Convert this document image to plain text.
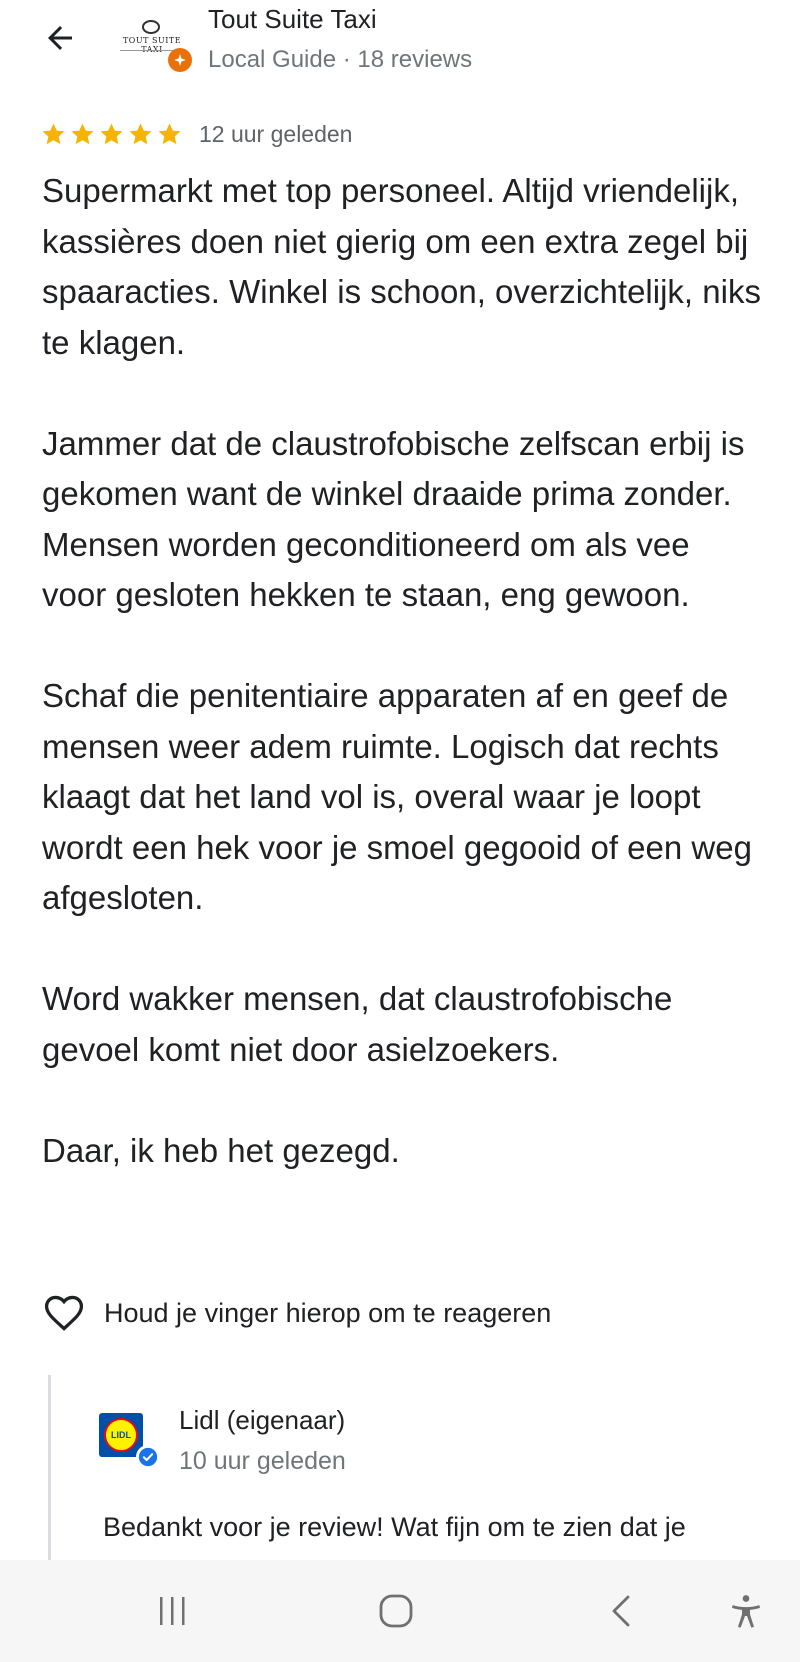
TOUT SUITE
Tout Suite Taxi
Local Guide · 18 reviews
12 uur geleden

Supermarkt met top personeel. Altijd vriendelijk, kassières doen niet gierig om een extra zegel bij spaaracties. Winkel is schoon, overzichtelijk, niks te klagen.

Jammer dat de claustrofobische zelfscan erbij is gekomen want de winkel draaide prima zonder. Mensen worden geconditioneerd om als vee voor gesloten hekken te staan, eng gewoon.

Schaf die penitentiaire apparaten af en geef de mensen weer adem ruimte. Logisch dat rechts klaagt dat het land vol is, overal waar je loopt wordt een hek voor je smoel gegooid of een weg afgesloten.

Word wakker mensen, dat claustrofobische gevoel komt niet door asielzoekers.

Daar, ik heb het gezegd.

Houd je vinger hierop om te reageren
LIDL Lidl (eigenaar)
10 uur geleden
Bedankt voor je review! Wat fijn om te zien dat je
